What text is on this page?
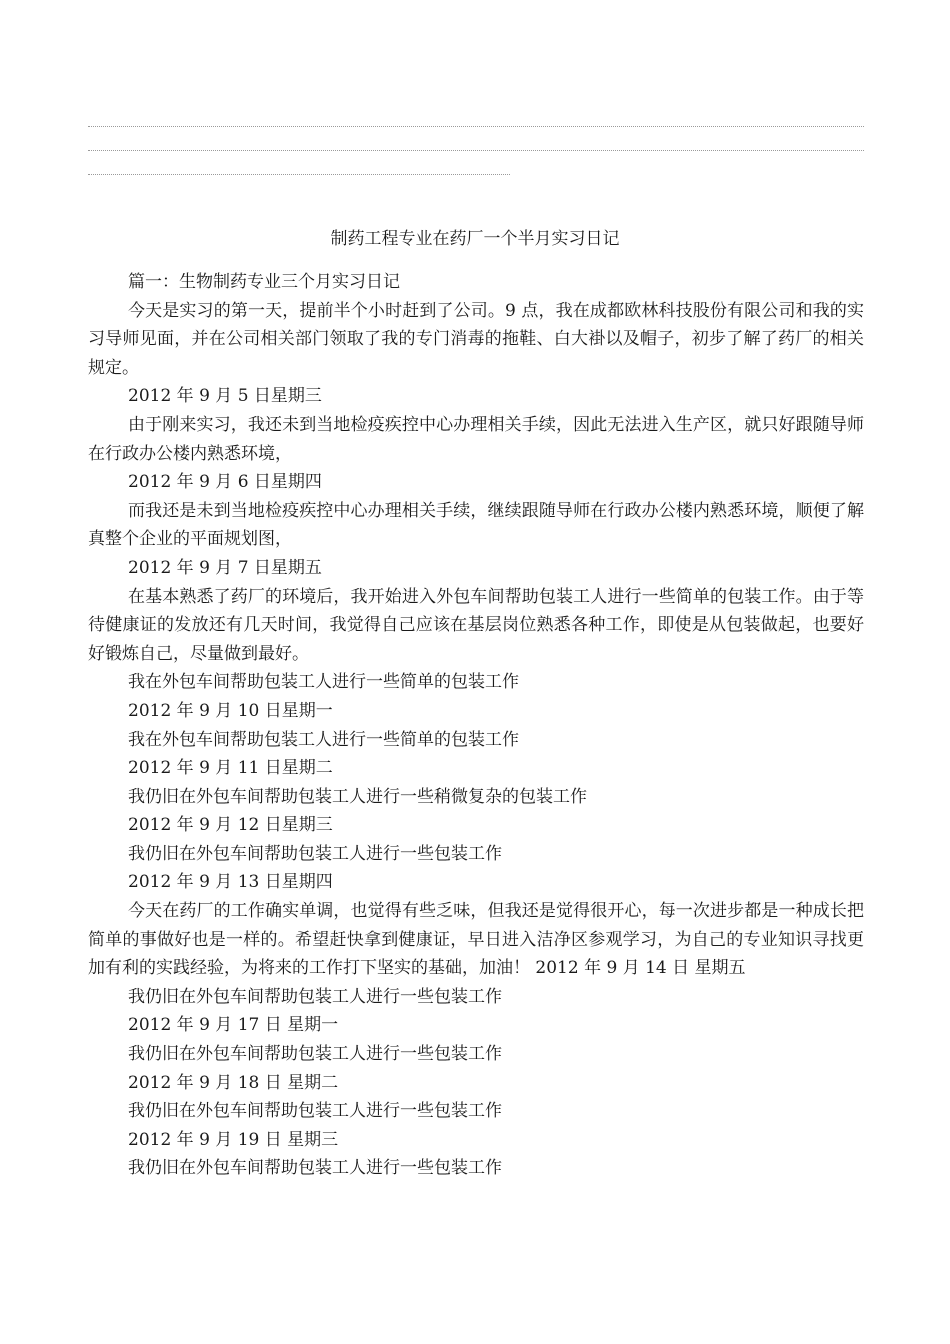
制药工程专业在药厂一个半月实习日记

篇一：生物制药专业三个月实习日记

今天是实习的第一天，提前半个小时赶到了公司。9 点，我在成都欧林科技股份有限公司和我的实习导师见面，并在公司相关部门领取了我的专门消毒的拖鞋、白大褂以及帽子，初步了解了药厂的相关规定。

2012 年 9 月 5 日星期三

由于刚来实习，我还未到当地检疫疾控中心办理相关手续，因此无法进入生产区，就只好跟随导师在行政办公楼内熟悉环境，

2012 年 9 月 6 日星期四

而我还是未到当地检疫疾控中心办理相关手续，继续跟随导师在行政办公楼内熟悉环境，顺便了解真整个企业的平面规划图，

2012 年 9 月 7 日星期五

在基本熟悉了药厂的环境后，我开始进入外包车间帮助包装工人进行一些简单的包装工作。由于等待健康证的发放还有几天时间，我觉得自己应该在基层岗位熟悉各种工作，即使是从包装做起，也要好好锻炼自己，尽量做到最好。

我在外包车间帮助包装工人进行一些简单的包装工作

2012 年 9 月 10 日星期一

我在外包车间帮助包装工人进行一些简单的包装工作

2012 年 9 月 11 日星期二

我仍旧在外包车间帮助包装工人进行一些稍微复杂的包装工作

2012 年 9 月 12 日星期三

我仍旧在外包车间帮助包装工人进行一些包装工作

2012 年 9 月 13 日星期四

今天在药厂的工作确实单调，也觉得有些乏味，但我还是觉得很开心，每一次进步都是一种成长把简单的事做好也是一样的。希望赶快拿到健康证，早日进入洁净区参观学习，为自己的专业知识寻找更加有利的实践经验，为将来的工作打下坚实的基础，加油！ 2012 年 9 月 14 日 星期五

我仍旧在外包车间帮助包装工人进行一些包装工作

2012 年 9 月 17 日 星期一

我仍旧在外包车间帮助包装工人进行一些包装工作

2012 年 9 月 18 日 星期二

我仍旧在外包车间帮助包装工人进行一些包装工作

2012 年 9 月 19 日 星期三

我仍旧在外包车间帮助包装工人进行一些包装工作
